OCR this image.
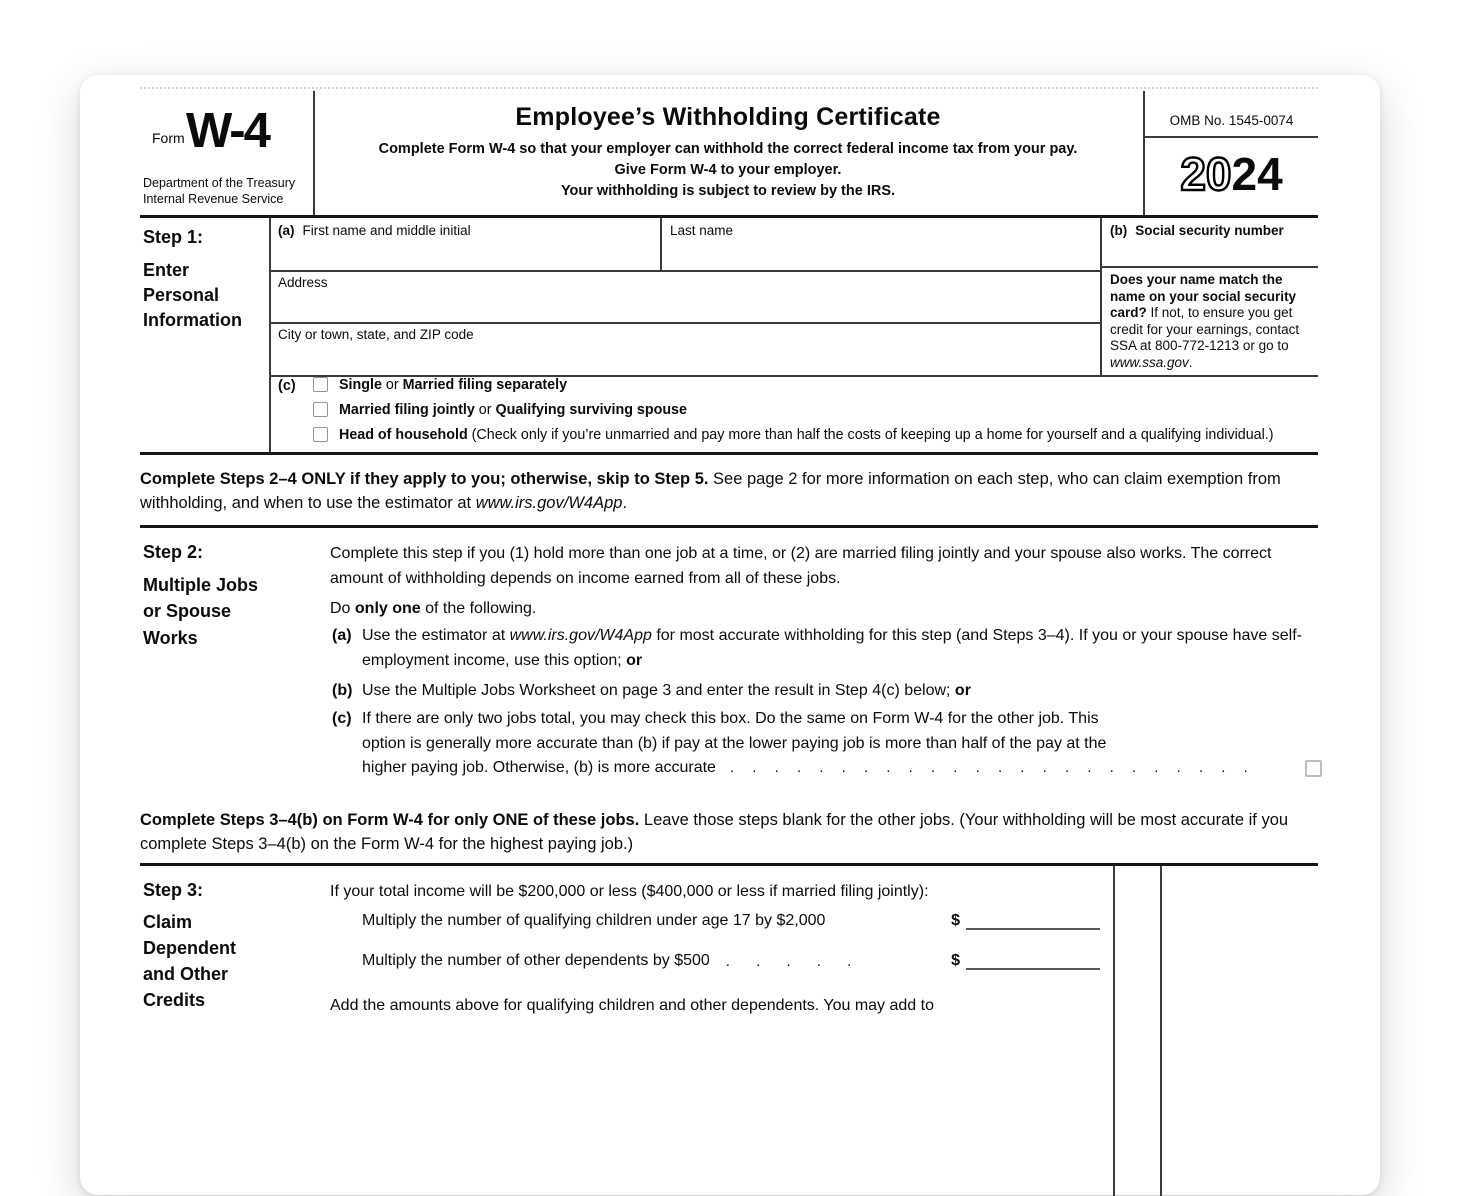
Form W-4
Department of the Treasury
Internal Revenue Service
Employee’s Withholding Certificate
Complete Form W-4 so that your employer can withhold the correct federal income tax from your pay.
Give Form W-4 to your employer.
Your withholding is subject to review by the IRS.
OMB No. 1545-0074
2024
Step 1:
Enter
Personal
Information
(a) First name and middle initial	Last name
Address
City or town, state, and ZIP code
(b) Social security number
Does your name match the name on your social security card? If not, to ensure you get credit for your earnings, contact SSA at 800-772-1213 or go to www.ssa.gov.
(c)	Single or Married filing separately
Married filing jointly or Qualifying surviving spouse
Head of household (Check only if you’re unmarried and pay more than half the costs of keeping up a home for yourself and a qualifying individual.)
Complete Steps 2–4 ONLY if they apply to you; otherwise, skip to Step 5. See page 2 for more information on each step, who can claim exemption from withholding, and when to use the estimator at www.irs.gov/W4App.
Step 2:
Multiple Jobs
or Spouse
Works
Complete this step if you (1) hold more than one job at a time, or (2) are married filing jointly and your spouse also works. The correct amount of withholding depends on income earned from all of these jobs.
Do only one of the following.
(a) Use the estimator at www.irs.gov/W4App for most accurate withholding for this step (and Steps 3–4). If you or your spouse have self-employment income, use this option; or
(b) Use the Multiple Jobs Worksheet on page 3 and enter the result in Step 4(c) below; or
(c) If there are only two jobs total, you may check this box. Do the same on Form W-4 for the other job. This
option is generally more accurate than (b) if pay at the lower paying job is more than half of the pay at the
higher paying job. Otherwise, (b) is more accurate . . . . . . . . . . . . . . . . . . . . . . . .
Complete Steps 3–4(b) on Form W-4 for only ONE of these jobs. Leave those steps blank for the other jobs. (Your withholding will be most accurate if you complete Steps 3–4(b) on the Form W-4 for the highest paying job.)
Step 3:
Claim
Dependent
and Other
Credits
If your total income will be $200,000 or less ($400,000 or less if married filing jointly):
Multiply the number of qualifying children under age 17 by $2,000	$
Multiply the number of other dependents by $500 . . . . .	$
Add the amounts above for qualifying children and other dependents. You may add to
